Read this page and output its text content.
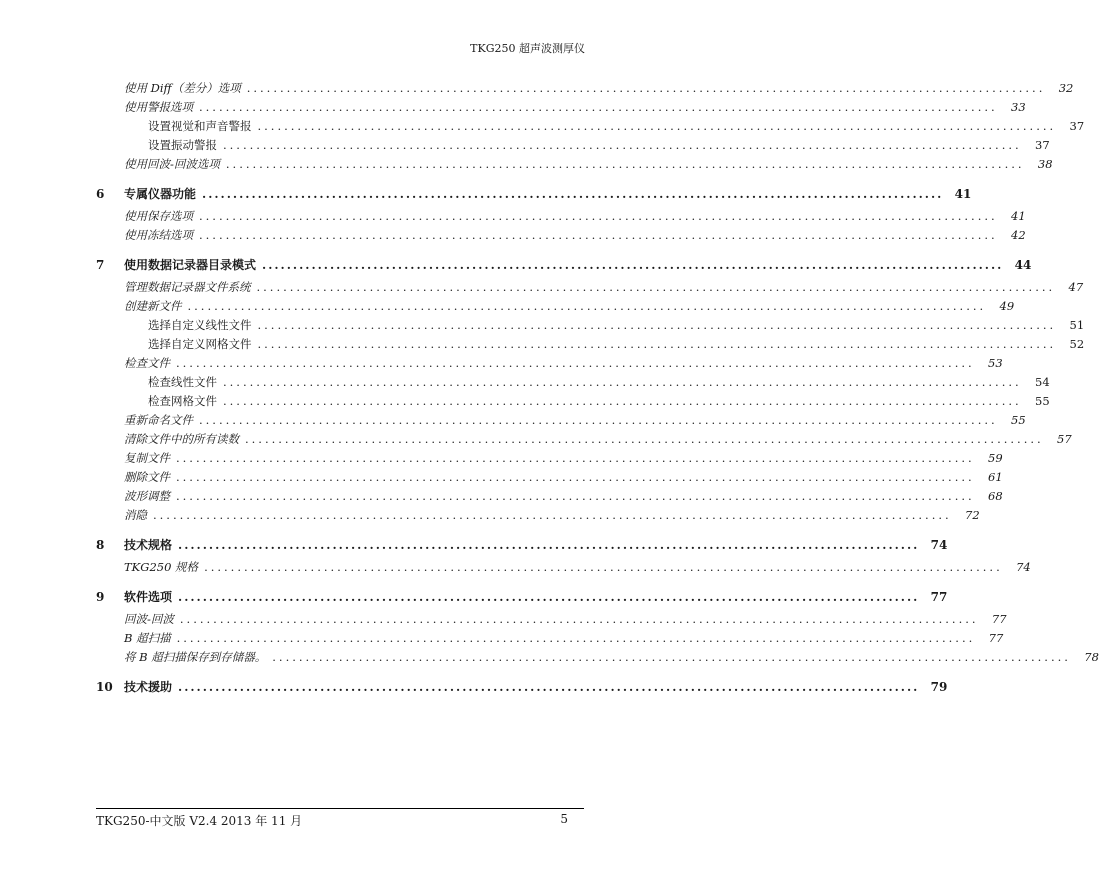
TKG250 超声波测厚仪
使用 Diff（差分）选项 ........................................................................................................................	32
使用警报选项 ........................................................................................................................	33
设置视觉和声音警报 ........................................................................................................................	37
设置振动警报 ........................................................................................................................	37
使用回波-回波选项 ........................................................................................................................	38
6	专属仪器功能 ........................................................................................................................ 41
使用保存选项 ........................................................................................................................	41
使用冻结选项 ........................................................................................................................	42
7	使用数据记录器目录模式 ........................................................................................................................ 44
管理数据记录器文件系统 ........................................................................................................................	47
创建新文件 ........................................................................................................................	49
选择自定义线性文件 ........................................................................................................................	51
选择自定义网格文件 ........................................................................................................................	52
检查文件 ........................................................................................................................	53
检查线性文件 ........................................................................................................................	54
检查网格文件 ........................................................................................................................	55
重新命名文件 ........................................................................................................................	55
清除文件中的所有读数 ........................................................................................................................	57
复制文件 ........................................................................................................................	59
删除文件 ........................................................................................................................	61
波形调整 ........................................................................................................................	68
消隐 ........................................................................................................................	72
8	技术规格 ........................................................................................................................ 74
TKG250 规格 ........................................................................................................................	74
9	软件选项 ........................................................................................................................ 77
回波-回波 ........................................................................................................................	77
B 超扫描 ........................................................................................................................	77
将 B 超扫描保存到存储器。 ........................................................................................................................	78
10 技术援助 ........................................................................................................................ 79
TKG250-中文版 V2.4 2013 年 11 月	5
